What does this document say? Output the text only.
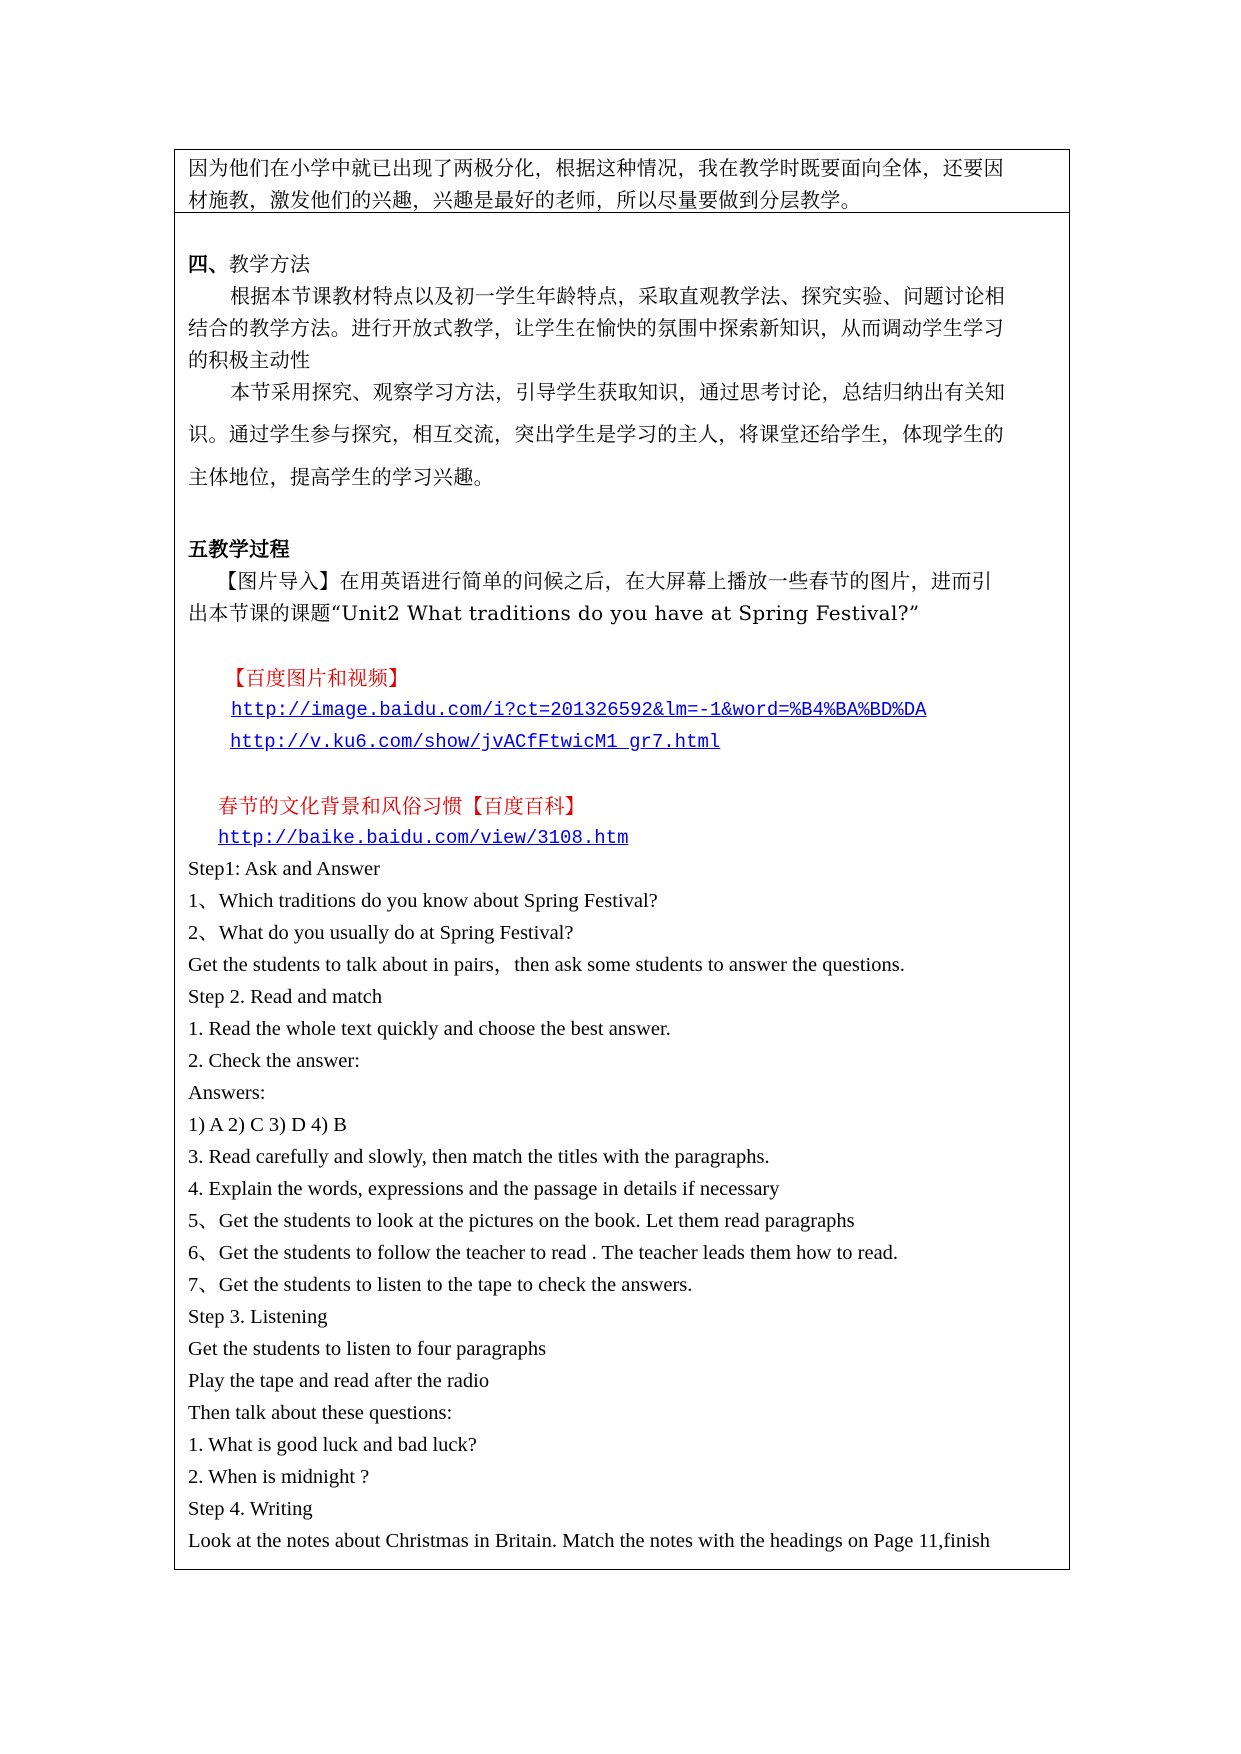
因为他们在小学中就已出现了两极分化，根据这种情况，我在教学时既要面向全体，还要因
材施教，激发他们的兴趣，兴趣是最好的老师，所以尽量要做到分层教学。
四、教学方法
根据本节课教材特点以及初一学生年龄特点，采取直观教学法、探究实验、问题讨论相
结合的教学方法。进行开放式教学，让学生在愉快的氛围中探索新知识，从而调动学生学习
的积极主动性
本节采用探究、观察学习方法，引导学生获取知识，通过思考讨论，总结归纳出有关知
识。通过学生参与探究，相互交流，突出学生是学习的主人，将课堂还给学生，体现学生的
主体地位，提高学生的学习兴趣。
五教学过程
【图片导入】在用英语进行简单的问候之后，在大屏幕上播放一些春节的图片，进而引
出本节课的课题“Unit2 What traditions do you have at Spring Festival?”
【百度图片和视频】
http://image.baidu.com/i?ct=201326592&lm=-1&word=%B4%BA%BD%DA
http://v.ku6.com/show/jvACfFtwicM1_gr7.html
春节的文化背景和风俗习惯【百度百科】
http://baike.baidu.com/view/3108.htm
Step1: Ask and Answer
1、Which traditions do you know about Spring Festival?
2、What do you usually do at Spring Festival?
Get the students to talk about in pairs，then ask some students to answer the questions.
Step 2. Read and match
1. Read the whole text quickly and choose the best answer.
2. Check the answer:
Answers:
1) A 2) C 3) D 4) B
3. Read carefully and slowly, then match the titles with the paragraphs.
4. Explain the words, expressions and the passage in details if necessary
5、Get the students to look at the pictures on the book. Let them read paragraphs
6、Get the students to follow the teacher to read . The teacher leads them how to read.
7、Get the students to listen to the tape to check the answers.
Step 3. Listening
Get the students to listen to four paragraphs
Play the tape and read after the radio
Then talk about these questions:
1. What is good luck and bad luck?
2. When is midnight ?
Step 4. Writing
Look at the notes about Christmas in Britain. Match the notes with the headings on Page 11,finish
